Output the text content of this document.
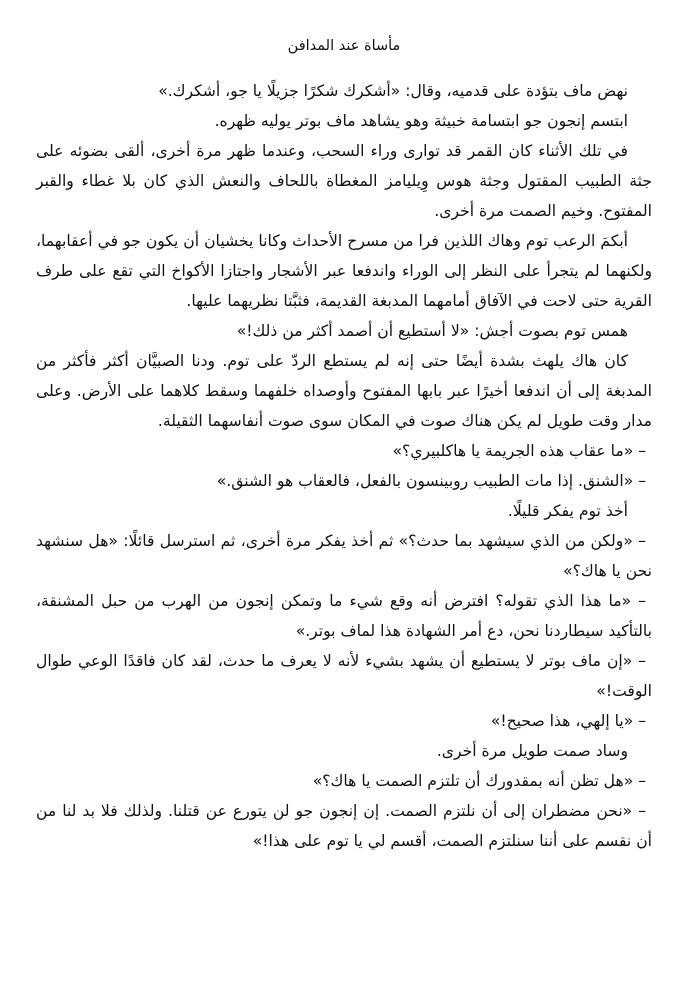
مأساة عند المدافن

نهض ماف بتؤدة على قدميه، وقال: «أشكرك شكرًا جزيلًا يا جو، أشكرك.»

ابتسم إنجون جو ابتسامة خبيثة وهو يشاهد ماف بوتر يوليه ظهره.

في تلك الأثناء كان القمر قد توارى وراء السحب، وعندما ظهر مرة أخرى، ألقى بضوئه على جثة الطبيب المقتول وجثة هوس وِيليامز المغطاة باللحاف والنعش الذي كان بلا غطاء والقبر المفتوح. وخيم الصمت مرة أخرى.

أبكمَ الرعب توم وهاك اللذين فرا من مسرح الأحداث وكانا يخشيان أن يكون جو في أعقابهما، ولكنهما لم يتجرأ على النظر إلى الوراء واندفعا عبر الأشجار واجتازا الأكواخ التي تقع على طرف القرية حتى لاحت في الآفاق أمامهما المدبغة القديمة، فثبَّتا نظريهما عليها.

همس توم بصوت أجش: «لا أستطيع أن أصمد أكثر من ذلك!»

كان هاك يلهث بشدة أيضًا حتى إنه لم يستطع الردّ على توم. ودنا الصبيَّان أكثر فأكثر من المدبغة إلى أن اندفعا أخيرًا عبر بابها المفتوح وأوصداه خلفهما وسقط كلاهما على الأرض. وعلى مدار وقت طويل لم يكن هناك صوت في المكان سوى صوت أنفاسهما الثقيلة.

– «ما عقاب هذه الجريمة يا هاكلبيري؟»

– «الشنق. إذا مات الطبيب روبينسون بالفعل، فالعقاب هو الشنق.»

أخذ توم يفكر قليلًا.

– «ولكن من الذي سيشهد بما حدث؟» ثم أخذ يفكر مرة أخرى، ثم استرسل قائلًا: «هل سنشهد نحن يا هاك؟»

– «ما هذا الذي تقوله؟ افترض أنه وقع شيء ما وتمكن إنجون من الهرب من حبل المشنقة، بالتأكيد سيطاردنا نحن، دع أمر الشهادة هذا لماف بوتر.»

– «إن ماف بوتر لا يستطيع أن يشهد بشيء لأنه لا يعرف ما حدث، لقد كان فاقدًا الوعي طوال الوقت!»

– «يا إلهي، هذا صحيح!»

وساد صمت طويل مرة أخرى.

– «هل تظن أنه بمقدورك أن تلتزم الصمت يا هاك؟»

– «نحن مضطران إلى أن نلتزم الصمت. إن إنجون جو لن يتورع عن قتلنا. ولذلك فلا بد لنا من أن نقسم على أننا سنلتزم الصمت، أقسم لي يا توم على هذا!»
